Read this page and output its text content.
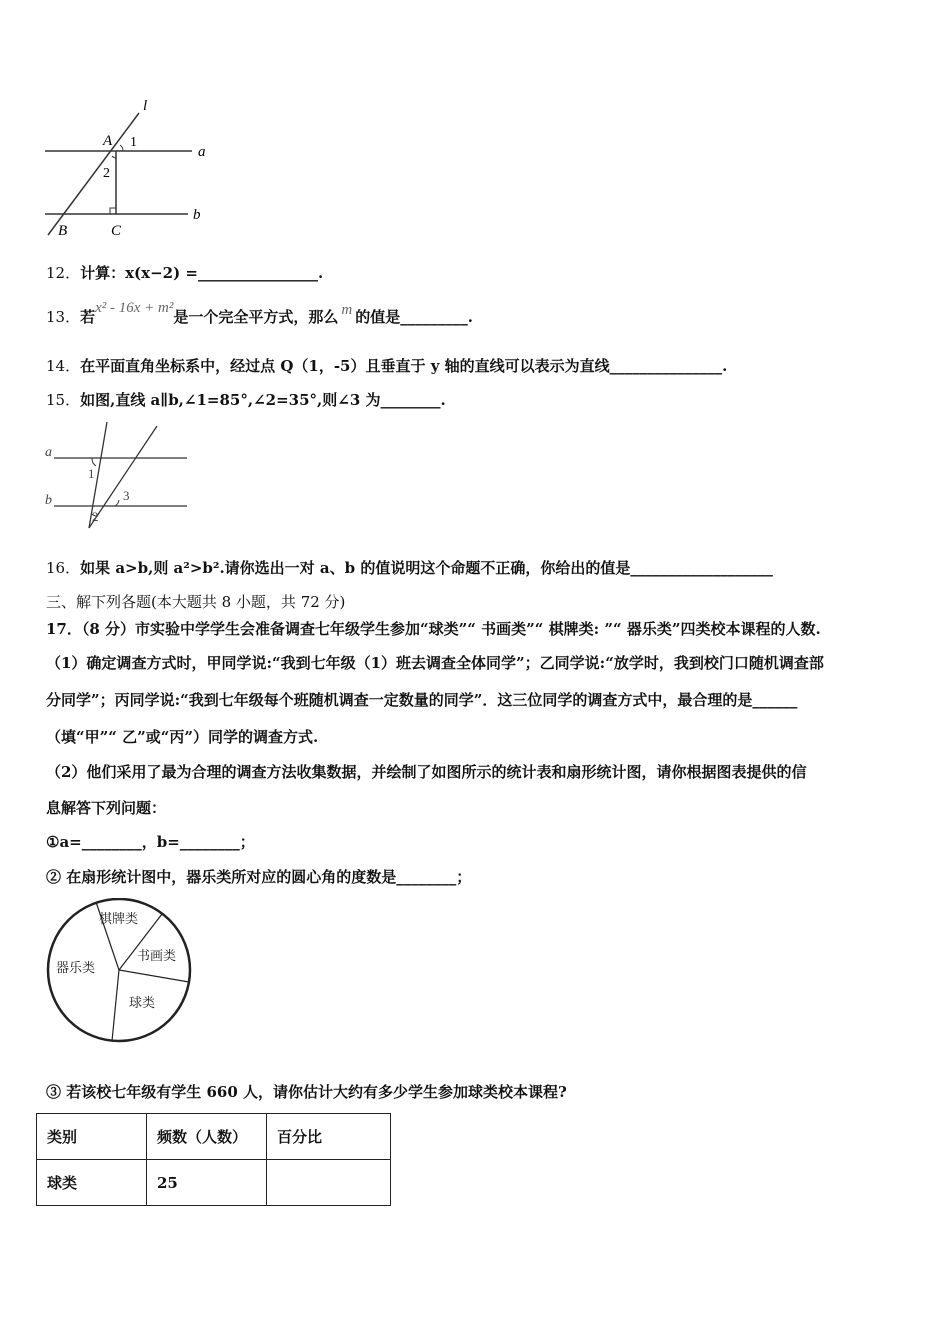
l
a
b
A
B	C
1
2
12．计算：x(x−2) =________________.
13．若x² - 16x + m²是一个完全平方式，那么 m 的值是_________.
14．在平面直角坐标系中，经过点 Q（1，-5）且垂直于 y 轴的直线可以表示为直线_______________.
15．如图,直线 a∥b,∠1=85°,∠2=35°,则∠3 为________.
a
b
1
2
3
16．如果 a>b,则 a²>b².请你选出一对 a、b 的值说明这个命题不正确，你给出的值是___________________
三、解下列各题(本大题共 8 小题，共 72 分)
17．（8 分）市实验中学学生会准备调查七年级学生参加“球类”“ 书画类”“ 棋牌类: ”“ 器乐类”四类校本课程的人数.
（1）确定调查方式时，甲同学说:“我到七年级（1）班去调查全体同学”；乙同学说:“放学时，我到校门口随机调查部
分同学”；丙同学说:“我到七年级每个班随机调查一定数量的同学”．这三位同学的调查方式中，最合理的是______
（填“甲”“ 乙”或“丙”）同学的调查方式.
（2）他们采用了最为合理的调查方法收集数据，并绘制了如图所示的统计表和扇形统计图，请你根据图表提供的信
息解答下列问题：
①a=________，b=________；
② 在扇形统计图中，器乐类所对应的圆心角的度数是________；
棋牌类
书画类
器乐类
球类
③ 若该校七年级有学生 660 人，请你估计大约有多少学生参加球类校本课程?
类别	频数（人数）	百分比
球类	25	
